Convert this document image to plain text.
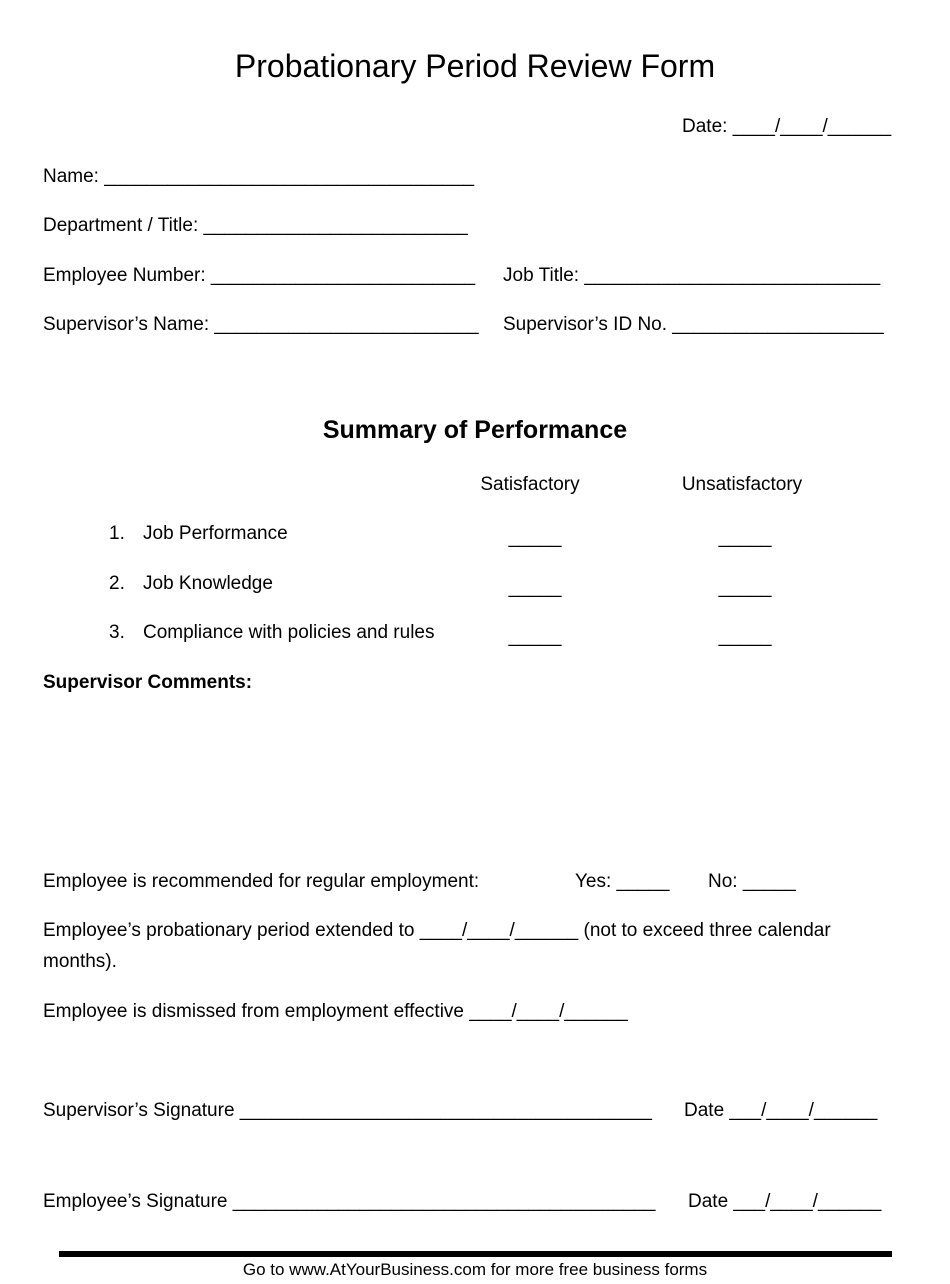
Probationary Period Review Form
Date: ____/____/______
Name: ___________________________________
Department / Title: _________________________
Employee Number: _________________________ Job Title: ____________________________
Supervisor’s Name: _________________________ Supervisor’s ID No. ____________________
Summary of Performance
Satisfactory	Unsatisfactory
1. Job Performance	_____	_____
2. Job Knowledge	_____	_____
3. Compliance with policies and rules	_____	_____
Supervisor Comments:
Employee is recommended for regular employment:	Yes: _____ No: _____
Employee’s probationary period extended to ____/____/______ (not to exceed three calendar
months).
Employee is dismissed from employment effective ____/____/______
Supervisor’s Signature _______________________________________ Date ___/____/______
Employee’s Signature ________________________________________ Date ___/____/______
Go to www.AtYourBusiness.com for more free business forms
